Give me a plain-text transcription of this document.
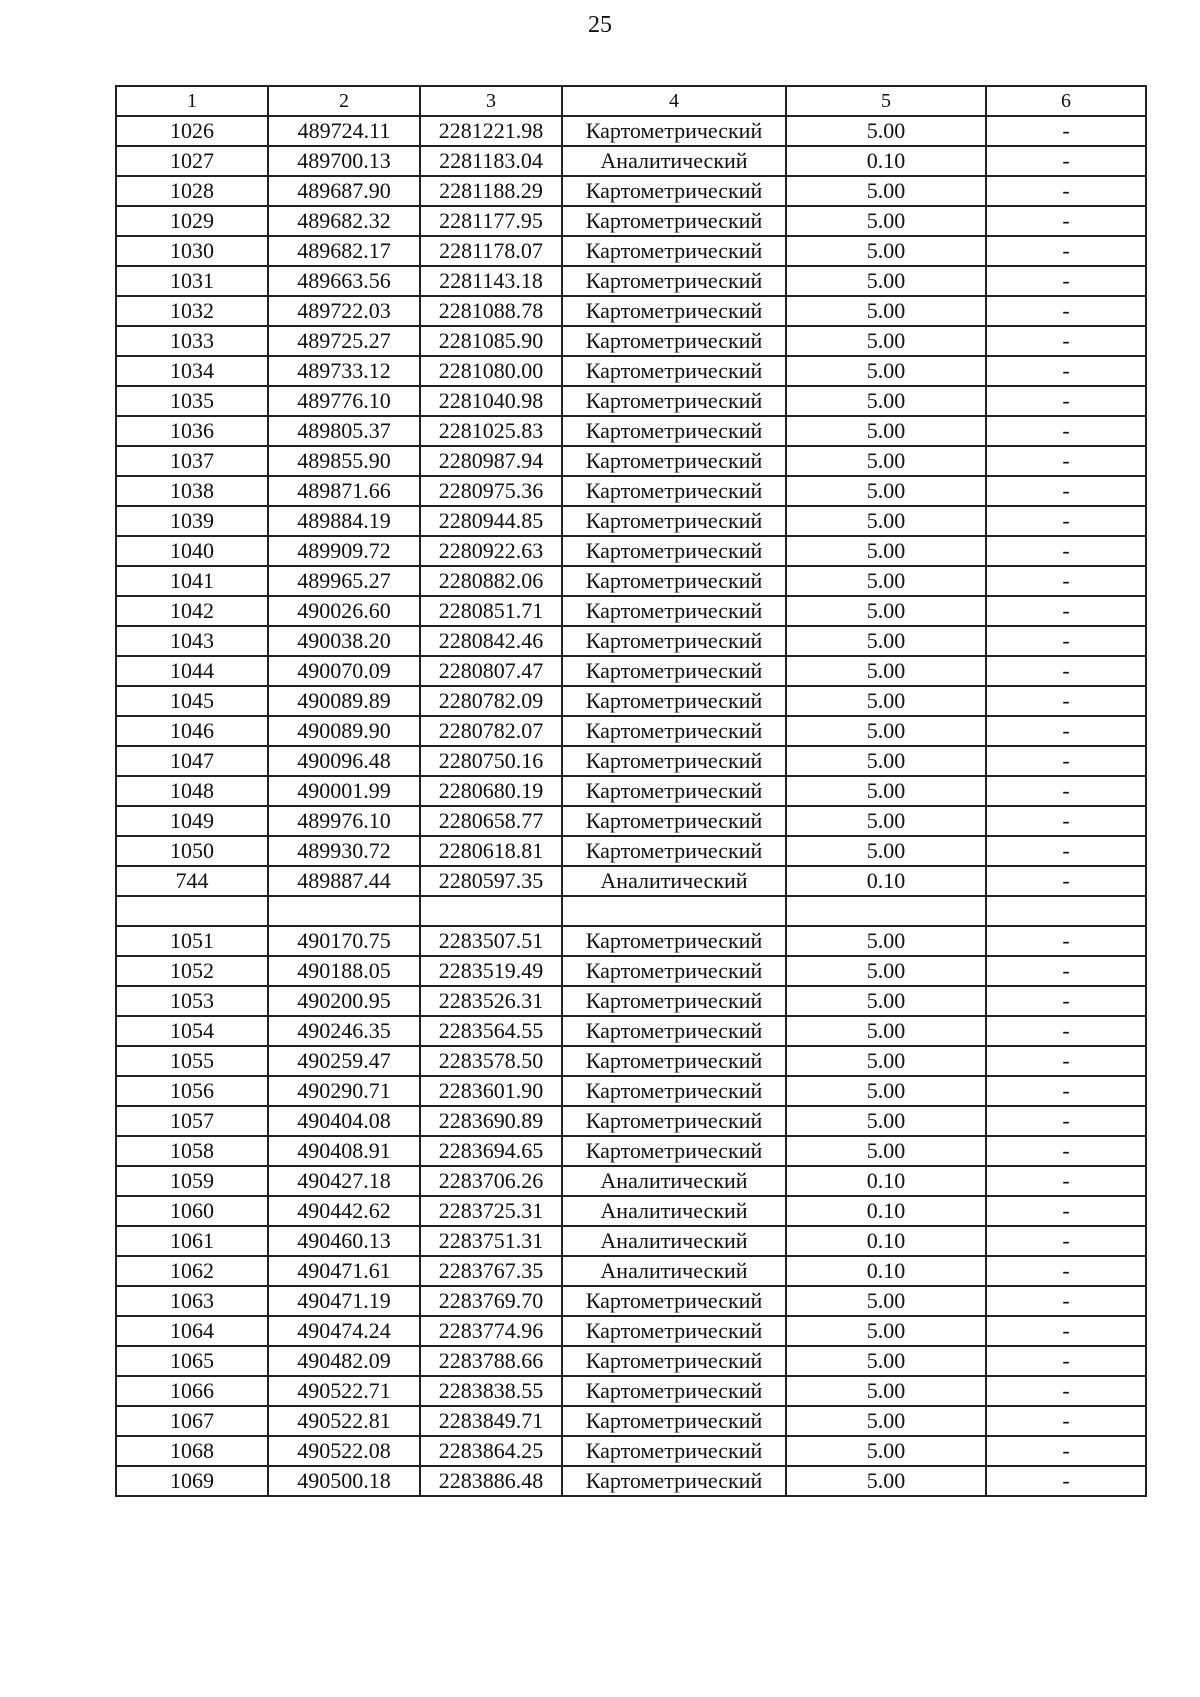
25
1	2	3	4	5	6
1026	489724.11	2281221.98	Картометрический	5.00	-
1027	489700.13	2281183.04	Аналитический	0.10	-
1028	489687.90	2281188.29	Картометрический	5.00	-
1029	489682.32	2281177.95	Картометрический	5.00	-
1030	489682.17	2281178.07	Картометрический	5.00	-
1031	489663.56	2281143.18	Картометрический	5.00	-
1032	489722.03	2281088.78	Картометрический	5.00	-
1033	489725.27	2281085.90	Картометрический	5.00	-
1034	489733.12	2281080.00	Картометрический	5.00	-
1035	489776.10	2281040.98	Картометрический	5.00	-
1036	489805.37	2281025.83	Картометрический	5.00	-
1037	489855.90	2280987.94	Картометрический	5.00	-
1038	489871.66	2280975.36	Картометрический	5.00	-
1039	489884.19	2280944.85	Картометрический	5.00	-
1040	489909.72	2280922.63	Картометрический	5.00	-
1041	489965.27	2280882.06	Картометрический	5.00	-
1042	490026.60	2280851.71	Картометрический	5.00	-
1043	490038.20	2280842.46	Картометрический	5.00	-
1044	490070.09	2280807.47	Картометрический	5.00	-
1045	490089.89	2280782.09	Картометрический	5.00	-
1046	490089.90	2280782.07	Картометрический	5.00	-
1047	490096.48	2280750.16	Картометрический	5.00	-
1048	490001.99	2280680.19	Картометрический	5.00	-
1049	489976.10	2280658.77	Картометрический	5.00	-
1050	489930.72	2280618.81	Картометрический	5.00	-
744	489887.44	2280597.35	Аналитический	0.10	-

1051	490170.75	2283507.51	Картометрический	5.00	-
1052	490188.05	2283519.49	Картометрический	5.00	-
1053	490200.95	2283526.31	Картометрический	5.00	-
1054	490246.35	2283564.55	Картометрический	5.00	-
1055	490259.47	2283578.50	Картометрический	5.00	-
1056	490290.71	2283601.90	Картометрический	5.00	-
1057	490404.08	2283690.89	Картометрический	5.00	-
1058	490408.91	2283694.65	Картометрический	5.00	-
1059	490427.18	2283706.26	Аналитический	0.10	-
1060	490442.62	2283725.31	Аналитический	0.10	-
1061	490460.13	2283751.31	Аналитический	0.10	-
1062	490471.61	2283767.35	Аналитический	0.10	-
1063	490471.19	2283769.70	Картометрический	5.00	-
1064	490474.24	2283774.96	Картометрический	5.00	-
1065	490482.09	2283788.66	Картометрический	5.00	-
1066	490522.71	2283838.55	Картометрический	5.00	-
1067	490522.81	2283849.71	Картометрический	5.00	-
1068	490522.08	2283864.25	Картометрический	5.00	-
1069	490500.18	2283886.48	Картометрический	5.00	-
